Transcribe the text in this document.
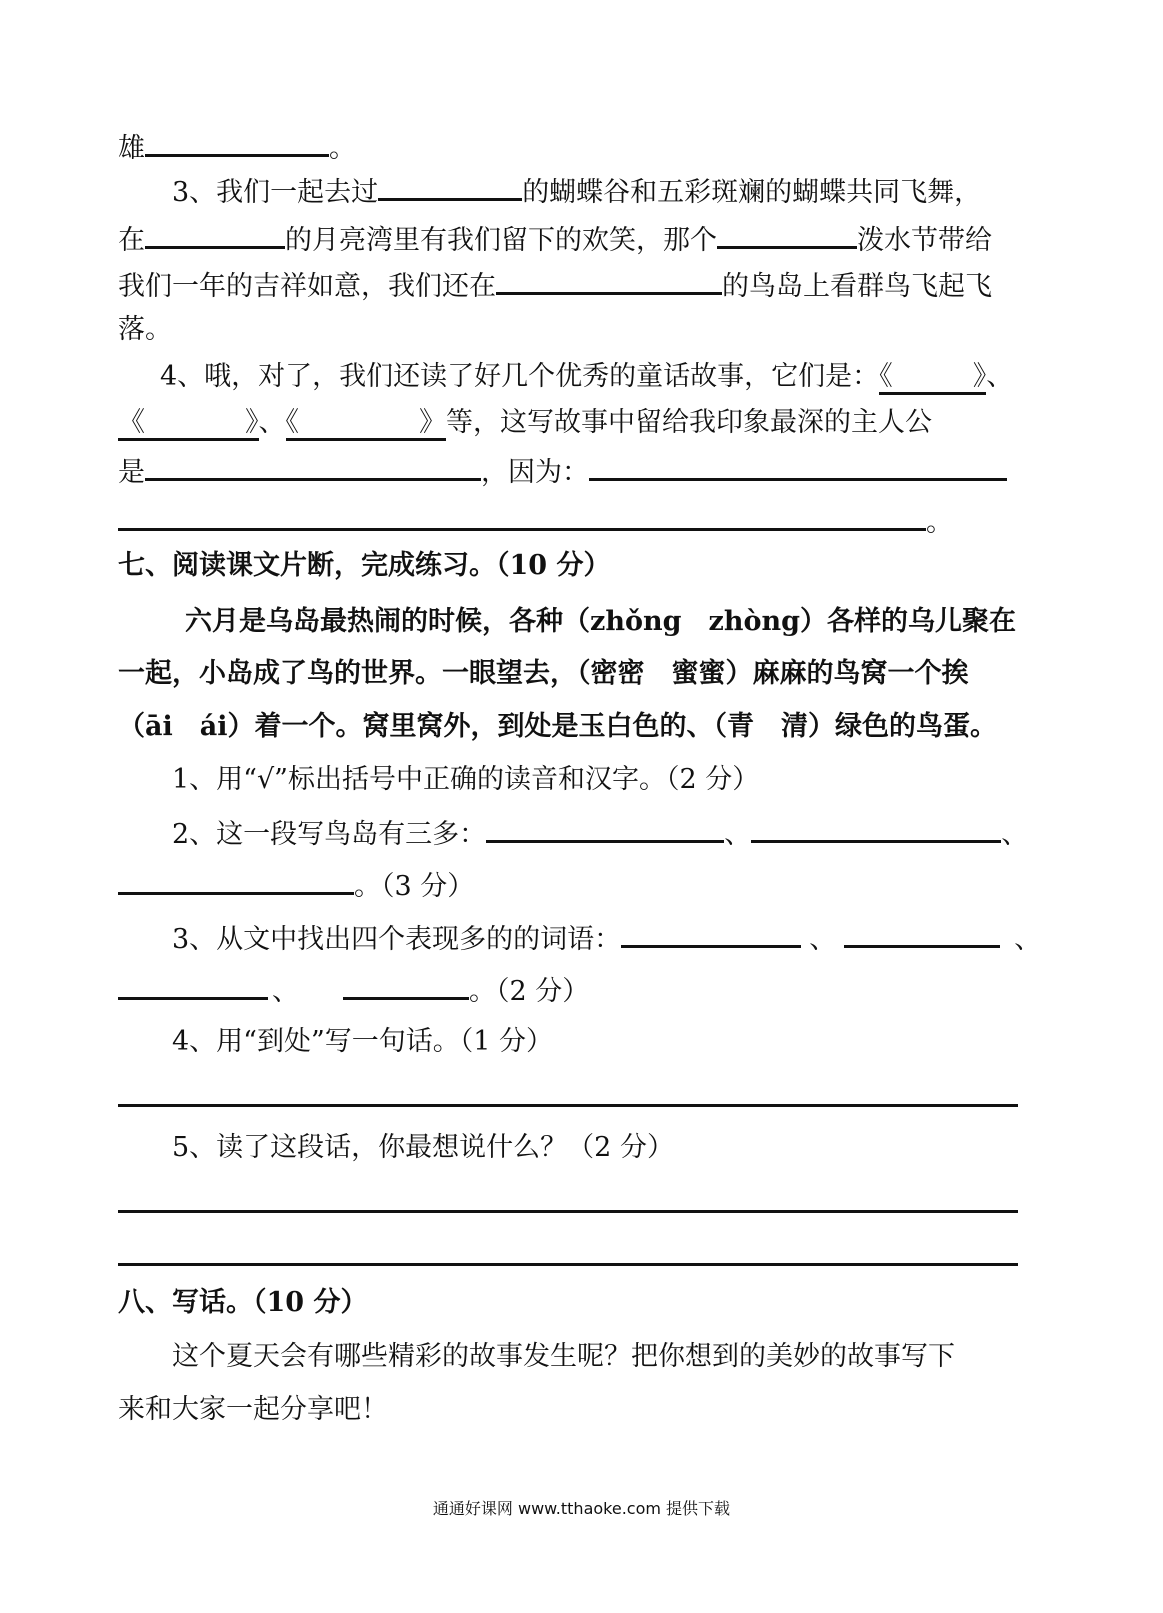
雄	。
3、我们一起去过	的蝴蝶谷和五彩斑斓的蝴蝶共同飞舞，
在	的月亮湾里有我们留下的欢笑，那个	泼水节带给
我们一年的吉祥如意，我们还在	的鸟岛上看群鸟飞起飞
落。
4、哦，对了，我们还读了好几个优秀的童话故事，它们是：《	》、
《	》、《	》等，这写故事中留给我印象最深的主人公
是	，因为：
。
七、阅读课文片断，完成练习。（10 分）
六月是乌岛最热闹的时候，各种（zhǒng　zhòng）各样的乌儿聚在
一起，小岛成了鸟的世界。一眼望去，（密密　蜜蜜）麻麻的鸟窝一个挨
（āi　ái）着一个。窝里窝外，到处是玉白色的、（青　清）绿色的鸟蛋。
1、用“√”标出括号中正确的读音和汉字。（2 分）
2、这一段写鸟岛有三多：	、	、
。（3 分）
3、从文中找出四个表现多的的词语：	、	、
、	。（2 分）
4、用“到处”写一句话。（1 分）
5、读了这段话，你最想说什么？（2 分）
八、写话。（10 分）
这个夏天会有哪些精彩的故事发生呢？把你想到的美妙的故事写下
来和大家一起分享吧！
通通好课网 www.tthaoke.com 提供下载
